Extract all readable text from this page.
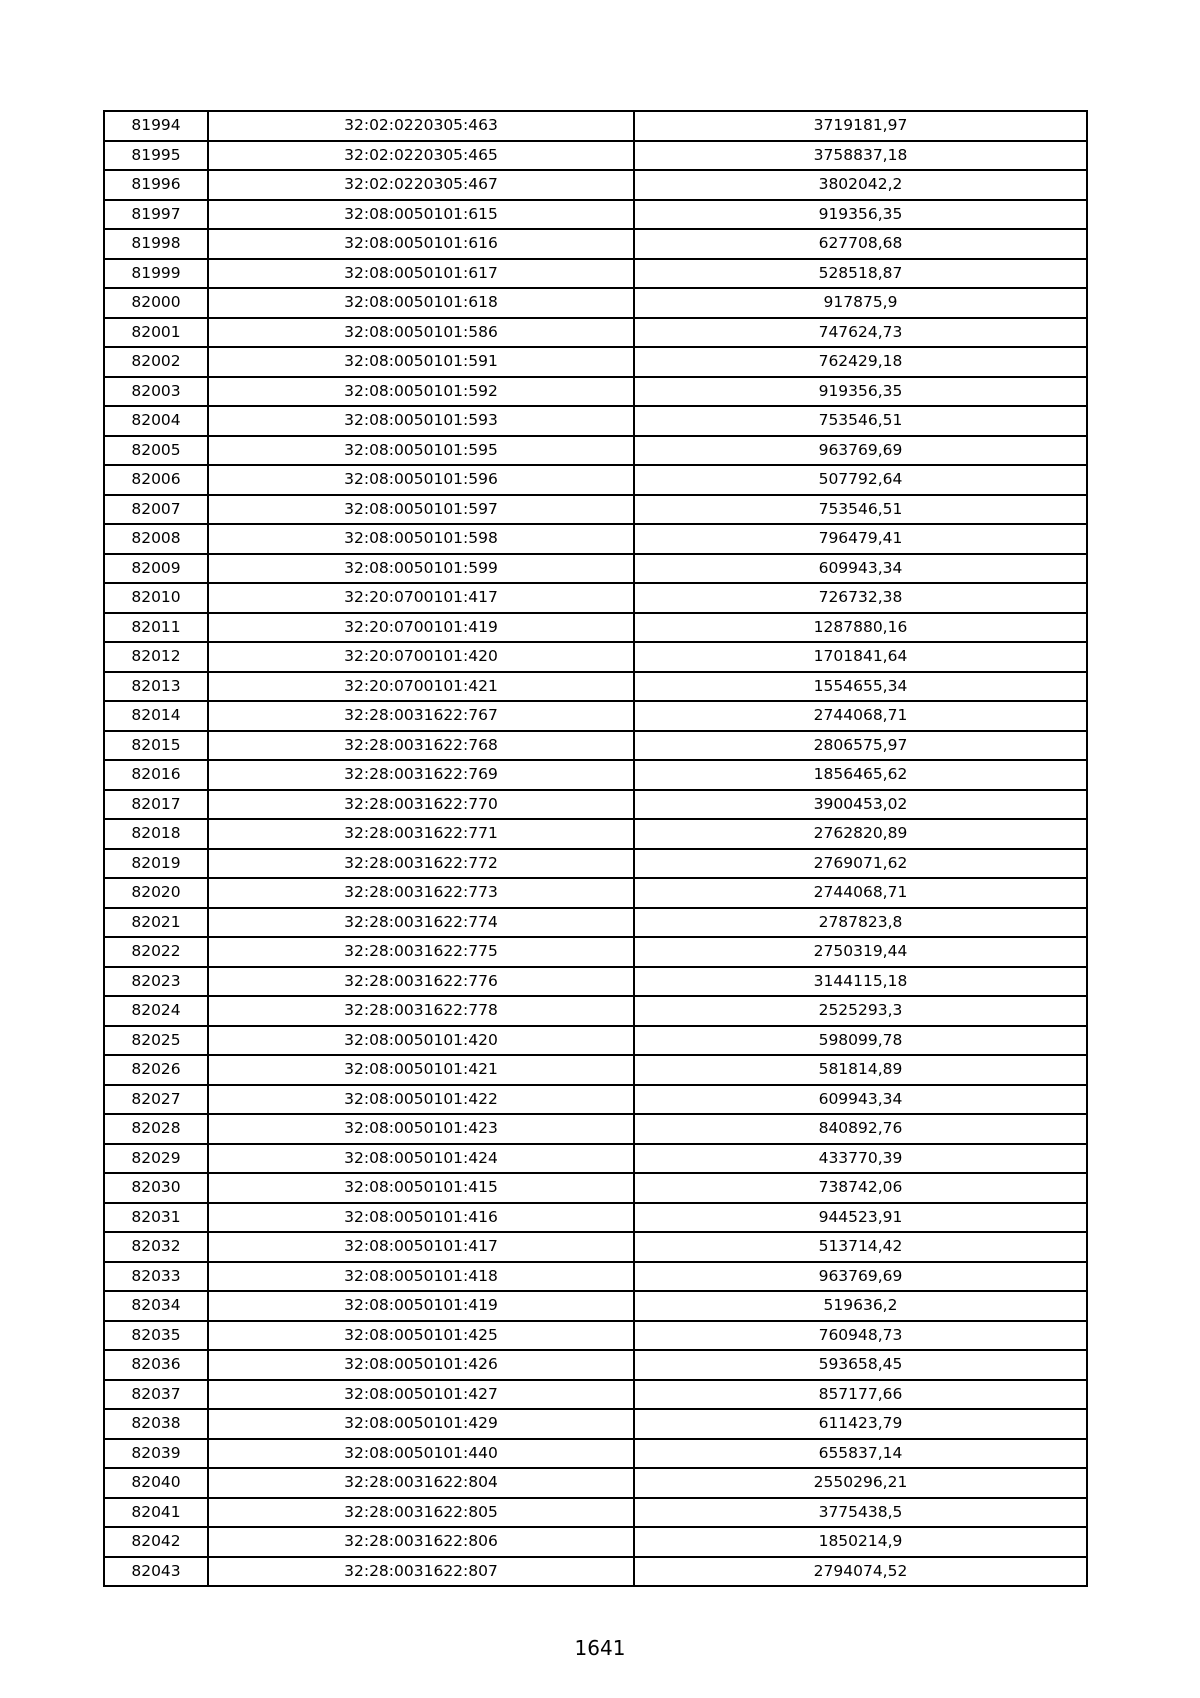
81994	32:02:0220305:463	3719181,97
81995	32:02:0220305:465	3758837,18
81996	32:02:0220305:467	3802042,2
81997	32:08:0050101:615	919356,35
81998	32:08:0050101:616	627708,68
81999	32:08:0050101:617	528518,87
82000	32:08:0050101:618	917875,9
82001	32:08:0050101:586	747624,73
82002	32:08:0050101:591	762429,18
82003	32:08:0050101:592	919356,35
82004	32:08:0050101:593	753546,51
82005	32:08:0050101:595	963769,69
82006	32:08:0050101:596	507792,64
82007	32:08:0050101:597	753546,51
82008	32:08:0050101:598	796479,41
82009	32:08:0050101:599	609943,34
82010	32:20:0700101:417	726732,38
82011	32:20:0700101:419	1287880,16
82012	32:20:0700101:420	1701841,64
82013	32:20:0700101:421	1554655,34
82014	32:28:0031622:767	2744068,71
82015	32:28:0031622:768	2806575,97
82016	32:28:0031622:769	1856465,62
82017	32:28:0031622:770	3900453,02
82018	32:28:0031622:771	2762820,89
82019	32:28:0031622:772	2769071,62
82020	32:28:0031622:773	2744068,71
82021	32:28:0031622:774	2787823,8
82022	32:28:0031622:775	2750319,44
82023	32:28:0031622:776	3144115,18
82024	32:28:0031622:778	2525293,3
82025	32:08:0050101:420	598099,78
82026	32:08:0050101:421	581814,89
82027	32:08:0050101:422	609943,34
82028	32:08:0050101:423	840892,76
82029	32:08:0050101:424	433770,39
82030	32:08:0050101:415	738742,06
82031	32:08:0050101:416	944523,91
82032	32:08:0050101:417	513714,42
82033	32:08:0050101:418	963769,69
82034	32:08:0050101:419	519636,2
82035	32:08:0050101:425	760948,73
82036	32:08:0050101:426	593658,45
82037	32:08:0050101:427	857177,66
82038	32:08:0050101:429	611423,79
82039	32:08:0050101:440	655837,14
82040	32:28:0031622:804	2550296,21
82041	32:28:0031622:805	3775438,5
82042	32:28:0031622:806	1850214,9
82043	32:28:0031622:807	2794074,52
1641
